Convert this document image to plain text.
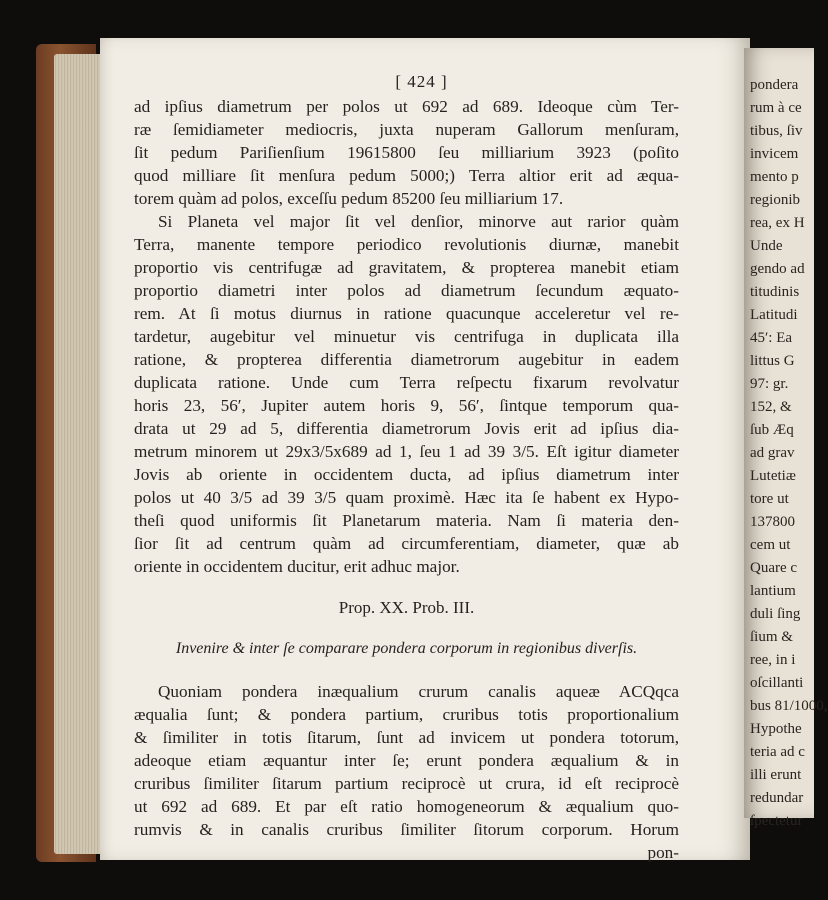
pondera
rum à ce
tibus, ſiv
invicem
mento p
regionib
rea, ex H
Unde
gendo ad
titudinis
Latitudi
45′: Ea
littus G
97: gr.
152, &
ſub Æq
ad grav
Lutetiæ
tore ut
137800
cem ut
Quare c
lantium
duli ſing
ſium &
ree, in i
oſcillanti
bus 81/1000,
Hypothe
teria ad c
illi erunt
redundar
ſpectetur
[ 424 ]

ad ipſius diametrum per polos ut 692 ad 689. Ideoque cùm Ter-

ræ ſemidiameter mediocris, juxta nuperam Gallorum menſuram,

ſit pedum Pariſienſium 19615800 ſeu milliarium 3923 (poſito

quod milliare ſit menſura pedum 5000;) Terra altior erit ad æqua-

torem quàm ad polos, exceſſu pedum 85200 ſeu milliarium 17.

Si Planeta vel major ſit vel denſior, minorve aut rarior quàm

Terra, manente tempore periodico revolutionis diurnæ, manebit

proportio vis centrifugæ ad gravitatem, & propterea manebit etiam

proportio diametri inter polos ad diametrum ſecundum æquato-

rem. At ſi motus diurnus in ratione quacunque acceleretur vel re-

tardetur, augebitur vel minuetur vis centrifuga in duplicata illa

ratione, & propterea differentia diametrorum augebitur in eadem

duplicata ratione. Unde cum Terra reſpectu fixarum revolvatur

horis 23, 56′, Jupiter autem horis 9, 56′, ſintque temporum qua-

drata ut 29 ad 5, differentia diametrorum Jovis erit ad ipſius dia-

metrum minorem ut 29x3/5x689 ad 1, ſeu 1 ad 39 3/5. Eſt igitur diameter

Jovis ab oriente in occidentem ducta, ad ipſius diametrum inter

polos ut 40 3/5 ad 39 3/5 quam proximè. Hæc ita ſe habent ex Hypo-

theſi quod uniformis ſit Planetarum materia. Nam ſi materia den-

ſior ſit ad centrum quàm ad circumferentiam, diameter, quæ ab

oriente in occidentem ducitur, erit adhuc major.

Prop. XX. Prob. III.
Invenire & inter ſe comparare pondera corporum in regionibus diverſis.

Quoniam pondera inæqualium crurum canalis aqueæ ACQqca

æqualia ſunt; & pondera partium, cruribus totis proportionalium

& ſimiliter in totis ſitarum, ſunt ad invicem ut pondera totorum,

adeoque etiam æquantur inter ſe; erunt pondera æqualium & in

cruribus ſimiliter ſitarum partium reciprocè ut crura, id eſt reciprocè

ut 692 ad 689. Et par eſt ratio homogeneorum & æqualium quo-

rumvis & in canalis cruribus ſimiliter ſitorum corporum. Horum

pon-
